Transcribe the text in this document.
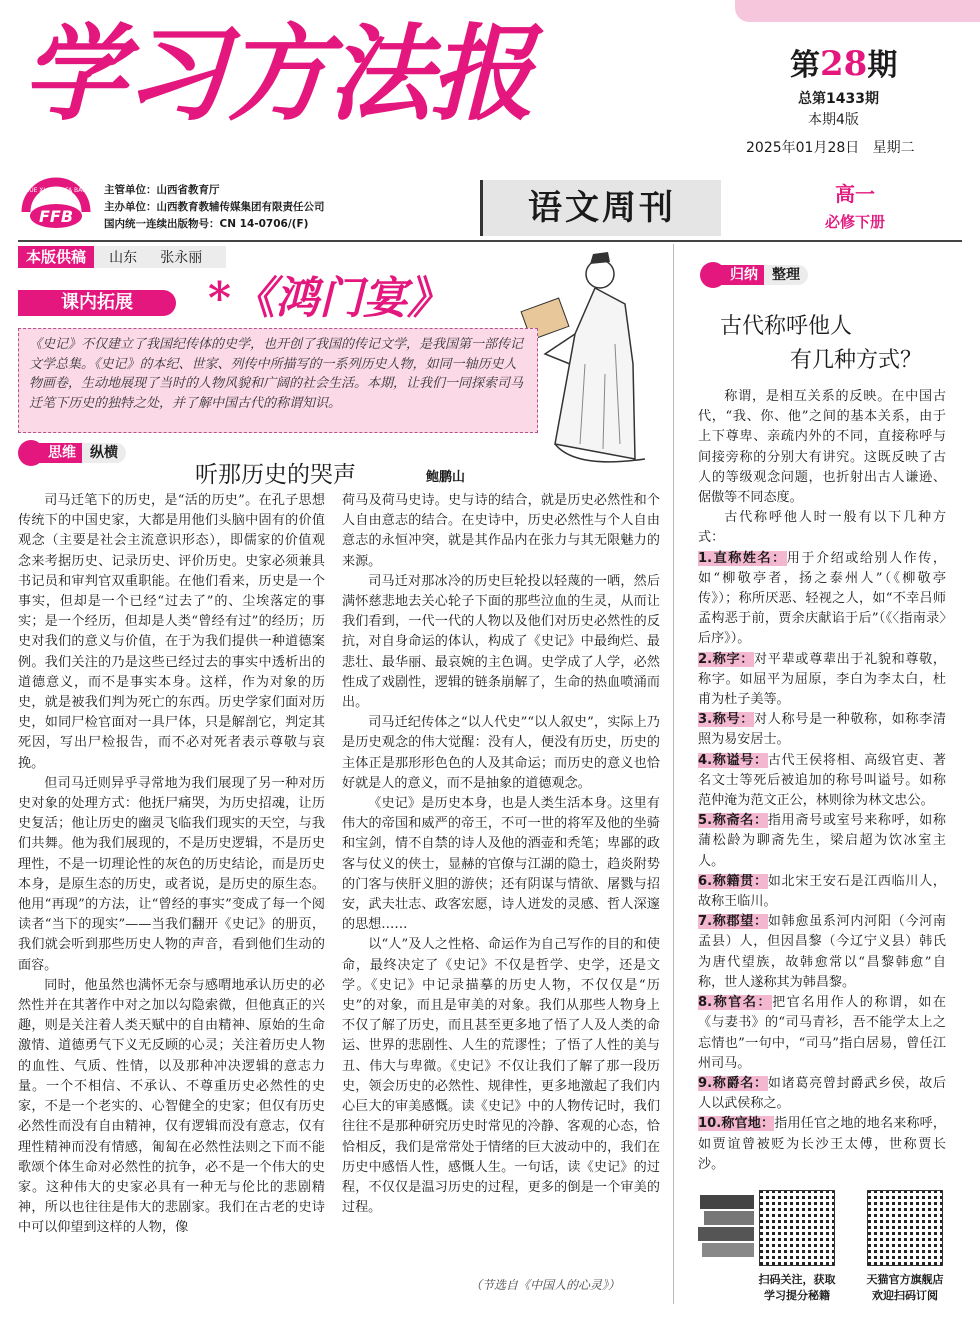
学习方法报	第28期
总第1433期
本期4版
2025年01月28日   星期二
FFB
XUE XI FANG FA BAO 主管单位：山西省教育厅
主办单位：山西教育教辅传媒集团有限责任公司
国内统一连续出版物号：CN 14-0706/(F)	语文周刊	高一
必修下册
本版供稿 山东 张永丽
课内拓展	*《鸿门宴》
《史记》不仅建立了我国纪传体的史学，也开创了我国的传记文学，是我国第一部传记文学总集。《史记》的本纪、世家、列传中所描写的一系列历史人物，如同一轴历史人物画卷，生动地展现了当时的人物风貌和广阔的社会生活。本期，让我们一同探索司马迁笔下历史的独特之处，并了解中国古代的称谓知识。
思维 纵横
听那历史的哭声	鲍鹏山

司马迁笔下的历史，是“活的历史”。在孔子思想传统下的中国史家，大都是用他们头脑中固有的价值观念（主要是社会主流意识形态），即儒家的价值观念来考据历史、记录历史、评价历史。史家必须兼具书记员和审判官双重职能。在他们看来，历史是一个事实，但却是一个已经“过去了”的、尘埃落定的事实；是一个经历，但却是人类“曾经有过”的经历；历史对我们的意义与价值，在于为我们提供一种道德案例。我们关注的乃是这些已经过去的事实中透析出的道德意义，而不是事实本身。这样，作为对象的历史，就是被我们判为死亡的东西。历史学家们面对历史，如同尸检官面对一具尸体，只是解剖它，判定其死因，写出尸检报告，而不必对死者表示尊敬与哀挽。

但司马迁则异乎寻常地为我们展现了另一种对历史对象的处理方式：他抚尸痛哭，为历史招魂，让历史复活；他让历史的幽灵飞临我们现实的天空，与我们共舞。他为我们展现的，不是历史逻辑，不是历史理性，不是一切理论性的灰色的历史结论，而是历史本身，是原生态的历史，或者说，是历史的原生态。他用“再现”的方法，让“曾经的事实”变成了每一个阅读者“当下的现实”——当我们翻开《史记》的册页，我们就会听到那些历史人物的声音，看到他们生动的面容。

同时，他虽然也满怀无奈与感喟地承认历史的必然性并在其著作中对之加以勾隐索微，但他真正的兴趣，则是关注着人类天赋中的自由精神、原始的生命激情、道德勇气下义无反顾的心灵；关注着历史人物的血性、气质、性情，以及那种冲决逻辑的意志力量。一个不相信、不承认、不尊重历史必然性的史家，不是一个老实的、心智健全的史家；但仅有历史必然性而没有自由精神，仅有逻辑而没有意志，仅有理性精神而没有情感，匍匐在必然性法则之下而不能歌颂个体生命对必然性的抗争，必不是一个伟大的史家。这种伟大的史家必具有一种无与伦比的悲剧精神，所以也往往是伟大的悲剧家。我们在古老的史诗中可以仰望到这样的人物，像

荷马及荷马史诗。史与诗的结合，就是历史必然性和个人自由意志的结合。在史诗中，历史必然性与个人自由意志的永恒冲突，就是其作品内在张力与其无限魅力的来源。

司马迁对那冰冷的历史巨轮投以轻蔑的一哂，然后满怀慈悲地去关心轮子下面的那些泣血的生灵，从而让我们看到，一代一代的人物以及他们对历史必然性的反抗，对自身命运的体认，构成了《史记》中最绚烂、最悲壮、最华丽、最哀婉的主色调。史学成了人学，必然性成了戏剧性，逻辑的链条崩解了，生命的热血喷涌而出。

司马迁纪传体之“以人代史”“以人叙史”，实际上乃是历史观念的伟大觉醒：没有人，便没有历史，历史的主体正是那形形色色的人及其命运；而历史的意义也恰好就是人的意义，而不是抽象的道德观念。

《史记》是历史本身，也是人类生活本身。这里有伟大的帝国和威严的帝王，不可一世的将军及他的坐骑和宝剑，情不自禁的诗人及他的酒壶和秃笔；卑鄙的政客与仗义的侠士，显赫的官僚与江湖的隐士，趋炎附势的门客与侠肝义胆的游侠；还有阴谋与情欲、屠戮与招安，武夫壮志、政客宏愿，诗人迸发的灵感、哲人深邃的思想……

以“人”及人之性格、命运作为自己写作的目的和使命，最终决定了《史记》不仅是哲学、史学，还是文学。《史记》中记录描摹的历史人物，不仅仅是“历史”的对象，而且是审美的对象。我们从那些人物身上不仅了解了历史，而且甚至更多地了悟了人及人类的命运、世界的悲剧性、人生的荒谬性；了悟了人性的美与丑、伟大与卑微。《史记》不仅让我们了解了那一段历史，领会历史的必然性、规律性，更多地激起了我们内心巨大的审美感慨。读《史记》中的人物传记时，我们往往不是那种研究历史时常见的冷静、客观的心态，恰恰相反，我们是常常处于情绪的巨大波动中的，我们在历史中感悟人性，感慨人生。一句话，读《史记》的过程，不仅仅是温习历史的过程，更多的倒是一个审美的过程。

（节选自《中国人的心灵》）
归纳 整理
古代称呼他人
有几种方式？

称谓，是相互关系的反映。在中国古代，“我、你、他”之间的基本关系，由于上下尊卑、亲疏内外的不同，直接称呼与间接旁称的分别大有讲究。这既反映了古人的等级观念问题，也折射出古人谦逊、倨傲等不同态度。

古代称呼他人时一般有以下几种方式：

1.直称姓名：用于介绍或给别人作传，如“柳敬亭者，扬之泰州人”（《柳敬亭传》）；称所厌恶、轻视之人，如“不幸吕师孟构恶于前，贾余庆献谄于后”（《〈指南录〉后序》）。

2.称字：对平辈或尊辈出于礼貌和尊敬，称字。如屈平为屈原，李白为李太白，杜甫为杜子美等。

3.称号：对人称号是一种敬称，如称李清照为易安居士。

4.称谥号：古代王侯将相、高级官吏、著名文士等死后被追加的称号叫谥号。如称范仲淹为范文正公，林则徐为林文忠公。

5.称斋名：指用斋号或室号来称呼，如称蒲松龄为聊斋先生，梁启超为饮冰室主人。

6.称籍贯：如北宋王安石是江西临川人，故称王临川。

7.称郡望：如韩愈虽系河内河阳（今河南孟县）人，但因昌黎（今辽宁义县）韩氏为唐代望族，故韩愈常以“昌黎韩愈”自称，世人遂称其为韩昌黎。

8.称官名：把官名用作人的称谓，如在《与妻书》的“司马青衫，吾不能学太上之忘情也”一句中，“司马”指白居易，曾任江州司马。

9.称爵名：如诸葛亮曾封爵武乡侯，故后人以武侯称之。

10.称官地：指用任官之地的地名来称呼，如贾谊曾被贬为长沙王太傅，世称贾长沙。

扫码关注，获取
学习提分秘籍
天猫官方旗舰店
欢迎扫码订阅
